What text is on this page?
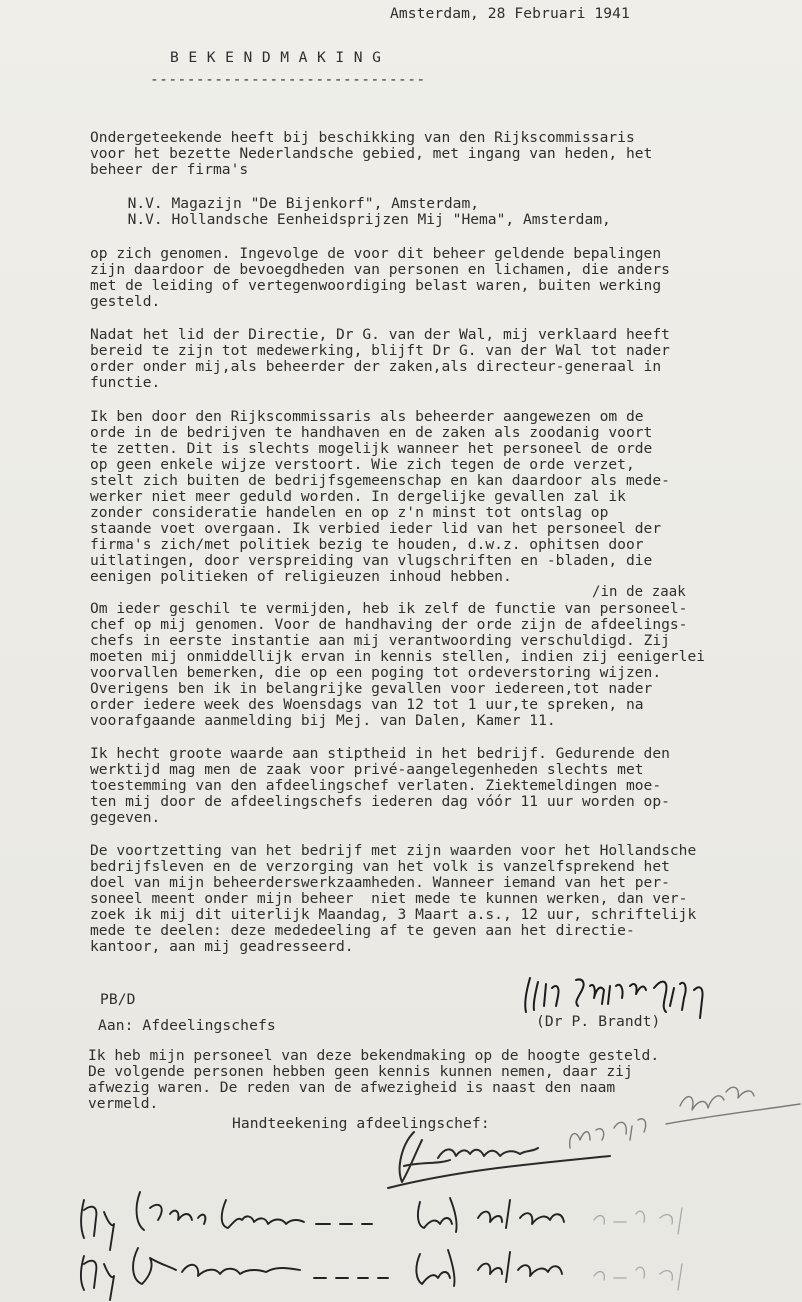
Amsterdam, 28 Februari 1941

B E K E N D M A K I N G

------------------------------

Ondergeteekende heeft bij beschikking van den Rijkscommissaris
voor het bezette Nederlandsche gebied, met ingang van heden, het
beheer der firma's
N.V. Magazijn "De Bijenkorf", Amsterdam,
N.V. Hollandsche Eenheidsprijzen Mij "Hema", Amsterdam,
op zich genomen. Ingevolge de voor dit beheer geldende bepalingen
zijn daardoor de bevoegdheden van personen en lichamen, die anders
met de leiding of vertegenwoordiging belast waren, buiten werking
gesteld.
Nadat het lid der Directie, Dr G. van der Wal, mij verklaard heeft
bereid te zijn tot medewerking, blijft Dr G. van der Wal tot nader
order onder mij,als beheerder der zaken,als directeur-generaal in
functie.
Ik ben door den Rijkscommissaris als beheerder aangewezen om de
orde in de bedrijven te handhaven en de zaken als zoodanig voort
te zetten. Dit is slechts mogelijk wanneer het personeel de orde
op geen enkele wijze verstoort. Wie zich tegen de orde verzet,
stelt zich buiten de bedrijfsgemeenschap en kan daardoor als mede-
werker niet meer geduld worden. In dergelijke gevallen zal ik
zonder consideratie handelen en op z'n minst tot ontslag op
staande voet overgaan. Ik verbied ieder lid van het personeel der
firma's zich/met politiek bezig te houden, d.w.z. ophitsen door
uitlatingen, door verspreiding van vlugschriften en -bladen, die
eenigen politieken of religieuzen inhoud hebben.

/in de zaak

Om ieder geschil te vermijden, heb ik zelf de functie van personeel-
chef op mij genomen. Voor de handhaving der orde zijn de afdeelings-
chefs in eerste instantie aan mij verantwoording verschuldigd. Zij
moeten mij onmiddellijk ervan in kennis stellen, indien zij eenigerlei
voorvallen bemerken, die op een poging tot ordeverstoring wijzen.
Overigens ben ik in belangrijke gevallen voor iedereen,tot nader
order iedere week des Woensdags van 12 tot 1 uur,te spreken, na
voorafgaande aanmelding bij Mej. van Dalen, Kamer 11.
Ik hecht groote waarde aan stiptheid in het bedrijf. Gedurende den
werktijd mag men de zaak voor privé-aangelegenheden slechts met
toestemming van den afdeelingschef verlaten. Ziektemeldingen moe-
ten mij door de afdeelingschefs iederen dag vóór 11 uur worden op-
gegeven.
De voortzetting van het bedrijf met zijn waarden voor het Hollandsche
bedrijfsleven en de verzorging van het volk is vanzelfsprekend het
doel van mijn beheerderswerkzaamheden. Wanneer iemand van het per-
soneel meent onder mijn beheer  niet mede te kunnen werken, dan ver-
zoek ik mij dit uiterlijk Maandag, 3 Maart a.s., 12 uur, schriftelijk
mede te deelen: deze mededeeling af te geven aan het directie-
kantoor, aan mij geadresseerd.

PB/D

(Dr P. Brandt)

Aan: Afdeelingschefs

Ik heb mijn personeel van deze bekendmaking op de hoogte gesteld.
De volgende personen hebben geen kennis kunnen nemen, daar zij
afwezig waren. De reden van de afwezigheid is naast den naam
vermeld.

Handteekening afdeelingschef:
